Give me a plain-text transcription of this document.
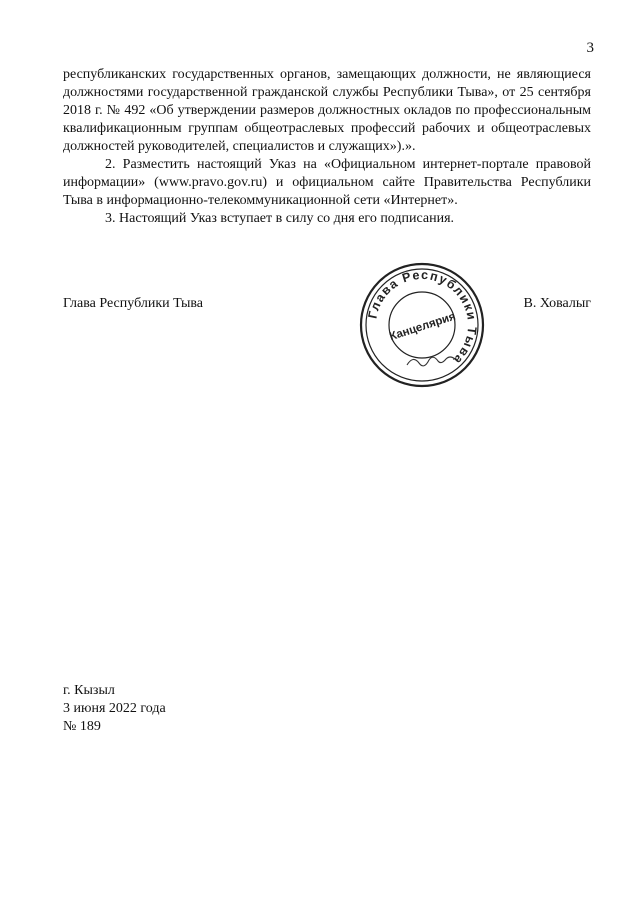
3

республиканских государственных органов, замещающих должности, не являющиеся должностями государственной гражданской службы Республики Тыва», от 25 сентября 2018 г. № 492 «Об утверждении размеров должностных окладов по профессиональным квалификационным группам общеотраслевых профессий рабочих и общеотраслевых должностей руководителей, специалистов и служащих»).».

2. Разместить настоящий Указ на «Официальном интернет-портале правовой информации» (www.pravo.gov.ru) и официальном сайте Правительства Республики Тыва в информационно-телекоммуникационной сети «Интернет».

3. Настоящий Указ вступает в силу со дня его подписания.

Глава Республики Тыва	В. Ховалыг
Глава Республики Тыва
Канцелярия
г. Кызыл
3 июня 2022 года
№ 189
